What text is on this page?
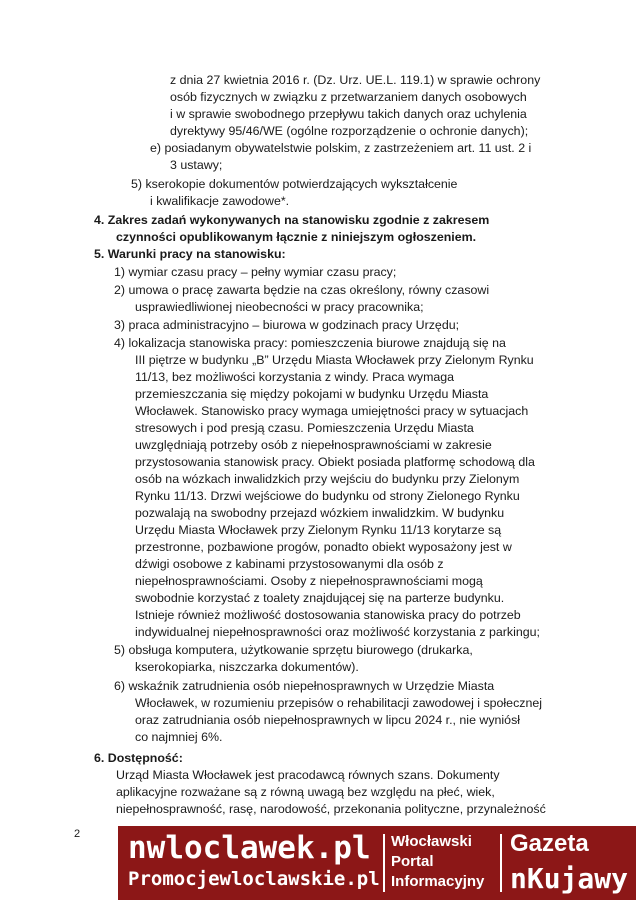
z dnia 27 kwietnia 2016 r. (Dz. Urz. UE.L. 119.1) w sprawie ochrony
osób fizycznych w związku z przetwarzaniem danych osobowych
i w sprawie swobodnego przepływu takich danych oraz uchylenia
dyrektywy 95/46/WE (ogólne rozporządzenie o ochronie danych);
e) posiadanym obywatelstwie polskim, z zastrzeżeniem art. 11 ust. 2 i
3 ustawy;
5) kserokopie dokumentów potwierdzających wykształcenie
i kwalifikacje zawodowe*.
4. Zakres zadań wykonywanych na stanowisku zgodnie z zakresem
czynności opublikowanym łącznie z niniejszym ogłoszeniem.
5. Warunki pracy na stanowisku:
1) wymiar czasu pracy – pełny wymiar czasu pracy;
2) umowa o pracę zawarta będzie na czas określony, równy czasowi
usprawiedliwionej nieobecności w pracy pracownika;
3) praca administracyjno – biurowa w godzinach pracy Urzędu;
4) lokalizacja stanowiska pracy: pomieszczenia biurowe znajdują się na
III piętrze w budynku „B” Urzędu Miasta Włocławek przy Zielonym Rynku
11/13, bez możliwości korzystania z windy. Praca wymaga
przemieszczania się między pokojami w budynku Urzędu Miasta
Włocławek. Stanowisko pracy wymaga umiejętności pracy w sytuacjach
stresowych i pod presją czasu. Pomieszczenia Urzędu Miasta
uwzględniają potrzeby osób z niepełnosprawnościami w zakresie
przystosowania stanowisk pracy. Obiekt posiada platformę schodową dla
osób na wózkach inwalidzkich przy wejściu do budynku przy Zielonym
Rynku 11/13. Drzwi wejściowe do budynku od strony Zielonego Rynku
pozwalają na swobodny przejazd wózkiem inwalidzkim. W budynku
Urzędu Miasta Włocławek przy Zielonym Rynku 11/13 korytarze są
przestronne, pozbawione progów, ponadto obiekt wyposażony jest w
dźwigi osobowe z kabinami przystosowanymi dla osób z
niepełnosprawnościami. Osoby z niepełnosprawnościami mogą
swobodnie korzystać z toalety znajdującej się na parterze budynku.
Istnieje również możliwość dostosowania stanowiska pracy do potrzeb
indywidualnej niepełnosprawności oraz możliwość korzystania z parkingu;
5) obsługa komputera, użytkowanie sprzętu biurowego (drukarka,
kserokopiarka, niszczarka dokumentów).
6) wskaźnik zatrudnienia osób niepełnosprawnych w Urzędzie Miasta
Włocławek, w rozumieniu przepisów o rehabilitacji zawodowej i społecznej
oraz zatrudniania osób niepełnosprawnych w lipcu 2024 r., nie wyniósł
co najmniej 6%.
6. Dostępność:
Urząd Miasta Włocławek jest pracodawcą równych szans. Dokumenty
aplikacyjne rozważane są z równą uwagą bez względu na płeć, wiek,
niepełnosprawność, rasę, narodowość, przekonania polityczne, przynależność
2 nwloclawek.pl
Promocjewloclawskie.pl
Włocławski
Portal
Informacyjny
Gazeta
nKujawy
